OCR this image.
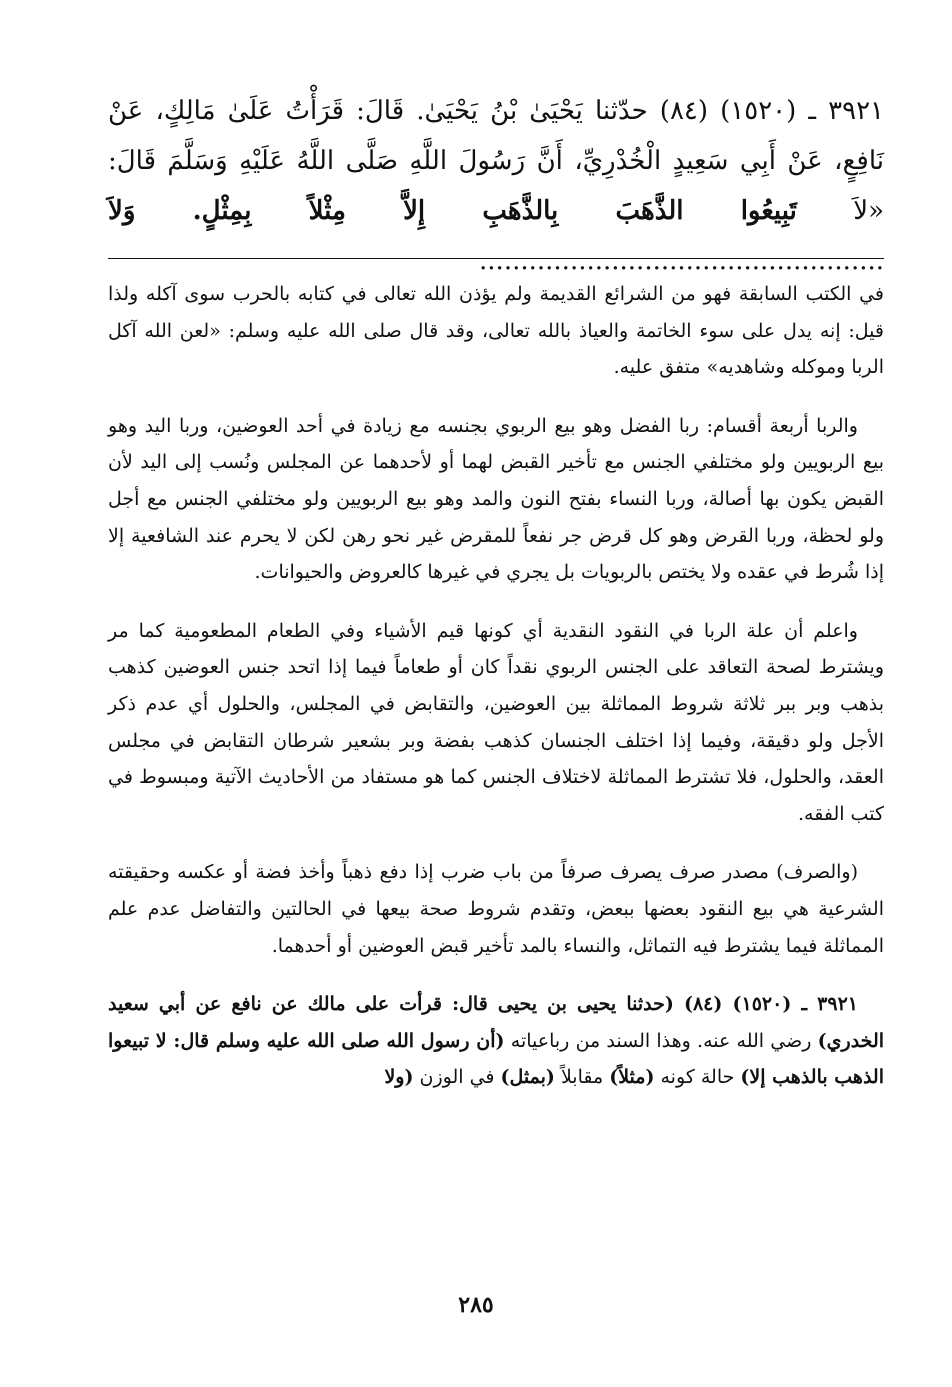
٣٩٢١ ـ (١٥٢٠) (٨٤) حدّثنا يَحْيَىٰ بْنُ يَحْيَىٰ. قَالَ: قَرَأْتُ عَلَىٰ مَالِكٍ، عَنْ نَافِعٍ، عَنْ أَبِي سَعِيدٍ الْخُدْرِيِّ، أَنَّ رَسُولَ اللَّهِ صَلَّى اللَّهُ عَلَيْهِ وَسَلَّمَ قَالَ: «لاَ تَبِيعُوا الذَّهَبَ بِالذَّهَبِ إِلاَّ مِثْلاً بِمِثْلٍ. وَلاَ .................................................

في الكتب السابقة فهو من الشرائع القديمة ولم يؤذن الله تعالى في كتابه بالحرب سوى آكله ولذا قيل: إنه يدل على سوء الخاتمة والعياذ بالله تعالى، وقد قال صلى الله عليه وسلم: «لعن الله آكل الربا وموكله وشاهديه» متفق عليه.

والربا أربعة أقسام: ربا الفضل وهو بيع الربوي بجنسه مع زيادة في أحد العوضين، وربا اليد وهو بيع الربويين ولو مختلفي الجنس مع تأخير القبض لهما أو لأحدهما عن المجلس ونُسب إلى اليد لأن القبض يكون بها أصالة، وربا النساء بفتح النون والمد وهو بيع الربويين ولو مختلفي الجنس مع أجل ولو لحظة، وربا القرض وهو كل قرض جر نفعاً للمقرض غير نحو رهن لكن لا يحرم عند الشافعية إلا إذا شُرط في عقده ولا يختص بالربويات بل يجري في غيرها كالعروض والحيوانات.

واعلم أن علة الربا في النقود النقدية أي كونها قيم الأشياء وفي الطعام المطعومية كما مر ويشترط لصحة التعاقد على الجنس الربوي نقداً كان أو طعاماً فيما إذا اتحد جنس العوضين كذهب بذهب وبر ببر ثلاثة شروط المماثلة بين العوضين، والتقابض في المجلس، والحلول أي عدم ذكر الأجل ولو دقيقة، وفيما إذا اختلف الجنسان كذهب بفضة وبر بشعير شرطان التقابض في مجلس العقد، والحلول، فلا تشترط المماثلة لاختلاف الجنس كما هو مستفاد من الأحاديث الآتية ومبسوط في كتب الفقه.

(والصرف) مصدر صرف يصرف صرفاً من باب ضرب إذا دفع ذهباً وأخذ فضة أو عكسه وحقيقته الشرعية هي بيع النقود بعضها ببعض، وتقدم شروط صحة بيعها في الحالتين والتفاضل عدم علم المماثلة فيما يشترط فيه التماثل، والنساء بالمد تأخير قبض العوضين أو أحدهما.

٣٩٢١ ـ (١٥٢٠) (٨٤) (حدثنا يحيى بن يحيى قال: قرأت على مالك عن نافع عن أبي سعيد الخدري) رضي الله عنه. وهذا السند من رباعياته (أن رسول الله صلى الله عليه وسلم قال: لا تبيعوا الذهب بالذهب إلا) حالة كونه (مثلاً) مقابلاً (بمثل) في الوزن (ولا

٢٨٥
